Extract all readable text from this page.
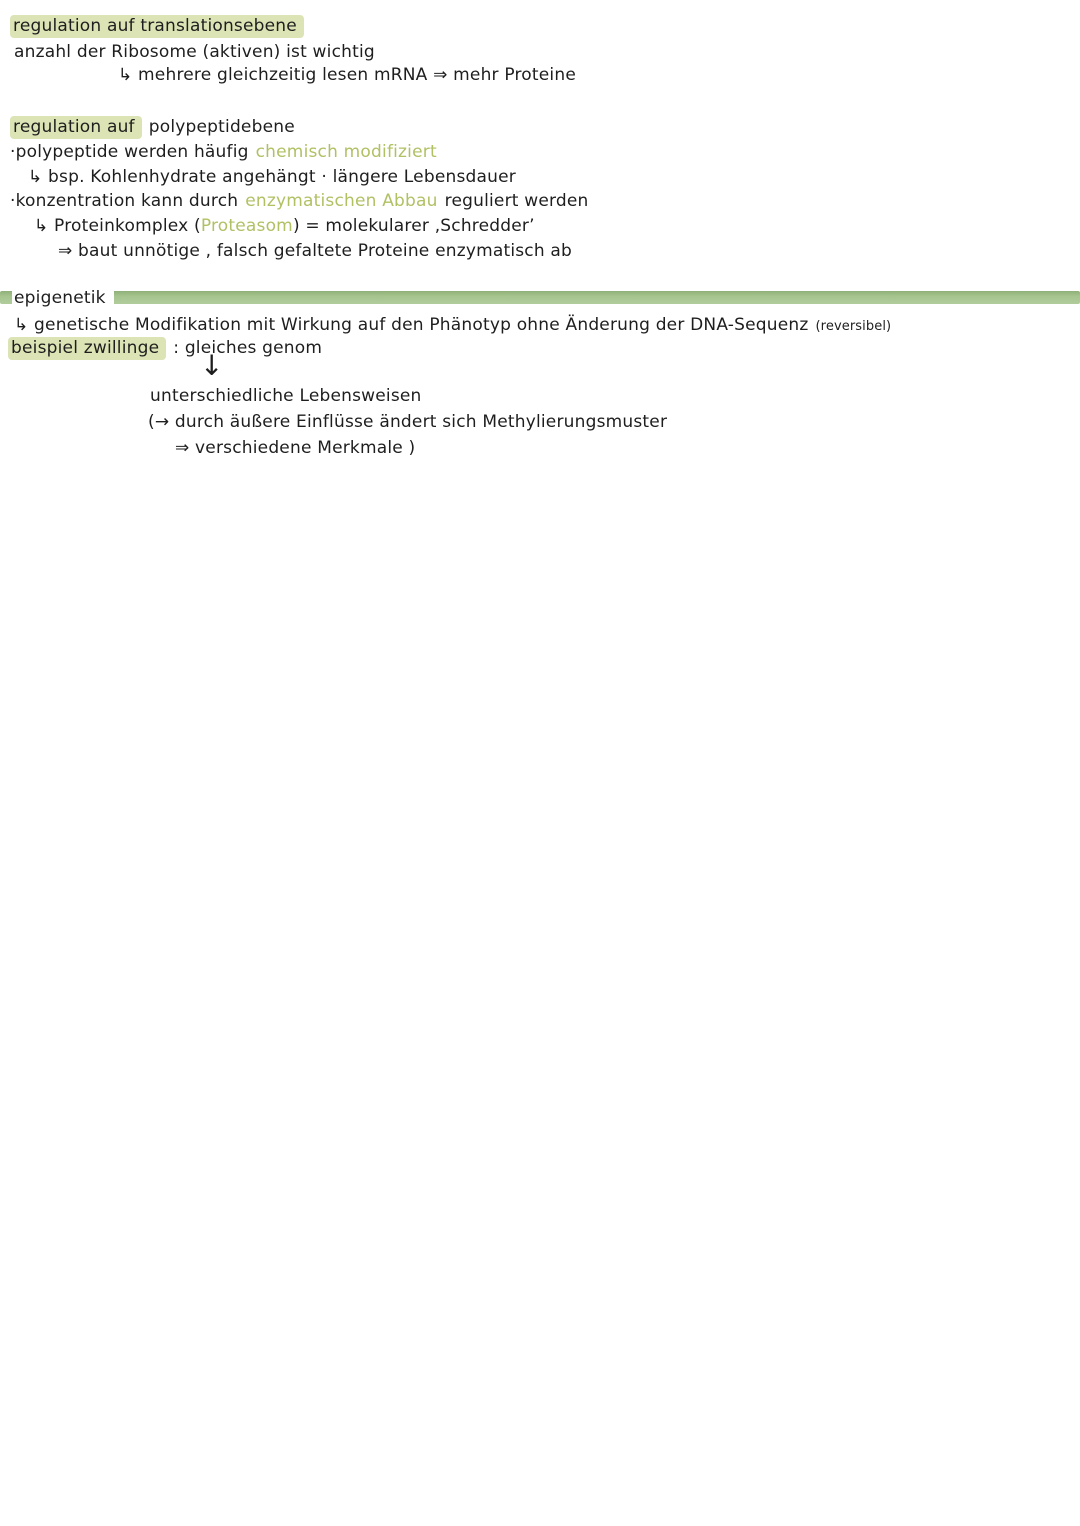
regulation auf translationsebene
anzahl der Ribosome (aktiven) ist wichtig
↳ mehrere gleichzeitig lesen mRNA ⇒ mehr Proteine
regulation auf polypeptidebene
·polypeptide werden häufig chemisch modifiziert
↳ bsp. Kohlenhydrate angehängt · längere Lebensdauer
·konzentration kann durch enzymatischen Abbau reguliert werden
↳ Proteinkomplex (Proteasom) = molekularer ‚Schredder’
⇒ baut unnötige , falsch gefaltete Proteine enzymatisch ab
epigenetik
↳ genetische Modifikation mit Wirkung auf den Phänotyp ohne Änderung der DNA-Sequenz (reversibel)
beispiel zwillinge : gleiches genom
↓
unterschiedliche Lebensweisen
(→ durch äußere Einflüsse ändert sich Methylierungsmuster
⇒ verschiedene Merkmale )
